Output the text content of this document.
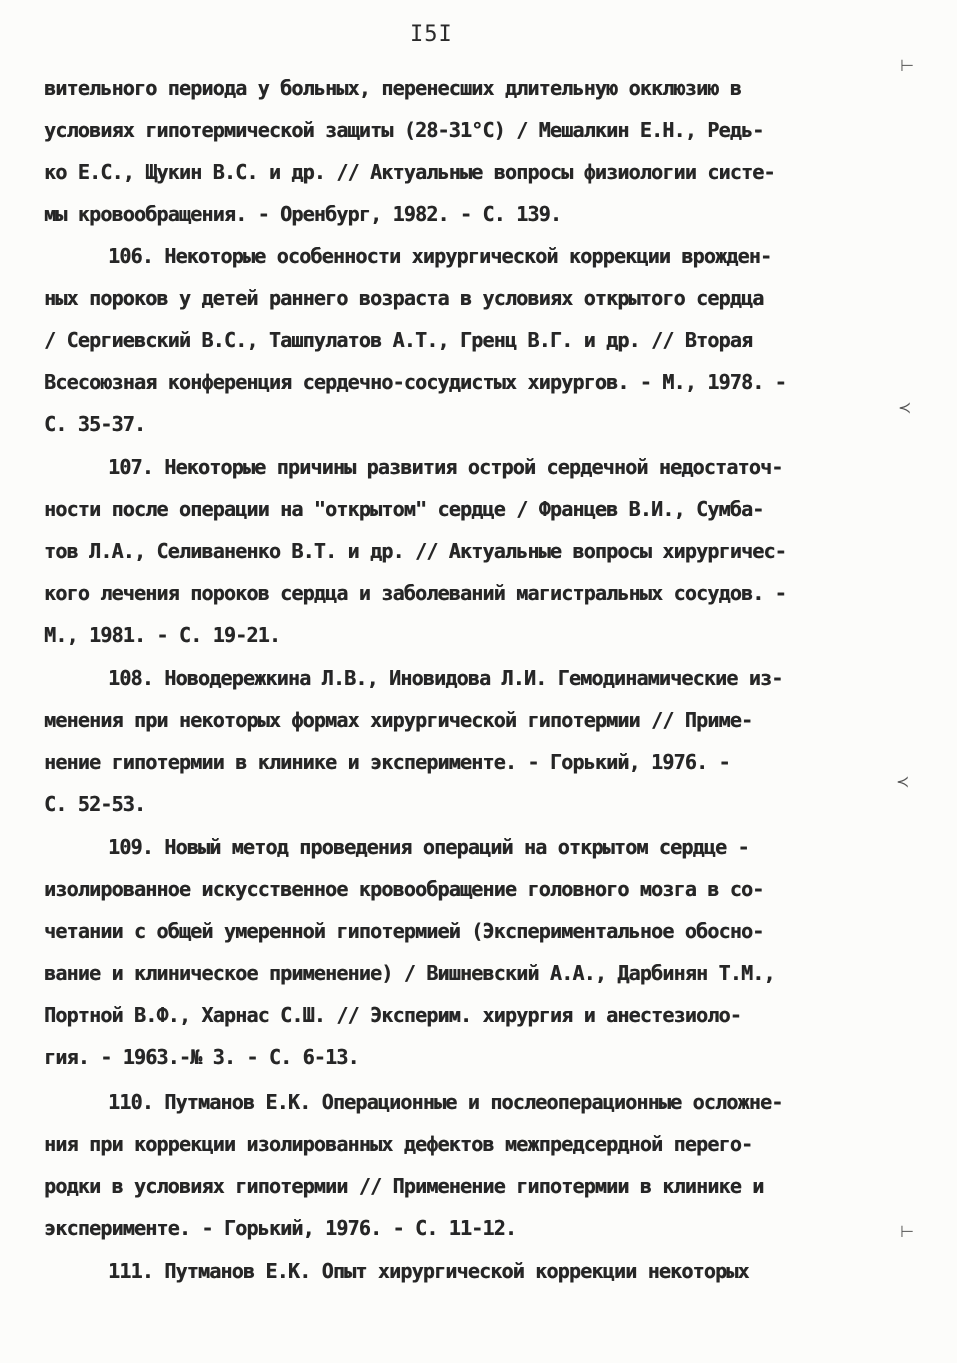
I5I
вительного периода у больных, перенесших длительную окклюзию в
условиях гипотермической защиты (28-31°C) / Мешалкин Е.Н., Редь-
ко Е.С., Щукин В.С. и др. // Актуальные вопросы физиологии систе-
мы кровообращения. - Оренбург, 1982. - С. 139.
106. Некоторые особенности хирургической коррекции врожден-
ных пороков у детей раннего возраста в условиях открытого сердца
/ Сергиевский В.С., Ташпулатов А.Т., Гренц В.Г. и др. // Вторая
Всесоюзная конференция сердечно-сосудистых хирургов. - М., 1978. -
С. 35-37.
107. Некоторые причины развития острой сердечной недостаточ-
ности после операции на "открытом" сердце / Францев В.И., Сумба-
тов Л.А., Селиваненко В.Т. и др. // Актуальные вопросы хирургичес-
кого лечения пороков сердца и заболеваний магистральных сосудов. -
М., 1981. - С. 19-21.
108. Новодережкина Л.В., Иновидова Л.И. Гемодинамические из-
менения при некоторых формах хирургической гипотермии // Приме-
нение гипотермии в клинике и эксперименте. - Горький, 1976. -
С. 52-53.
109. Новый метод проведения операций на открытом сердце -
изолированное искусственное кровообращение головного мозга в со-
четании с общей умеренной гипотермией (Экспериментальное обосно-
вание и клиническое применение) / Вишневский А.А., Дарбинян Т.М.,
Портной В.Ф., Харнас С.Ш. // Эксперим. хирургия и анестезиоло-
гия. - 1963.-№ 3. - С. 6-13.
110. Путманов Е.К. Операционные и послеоперационные осложне-
ния при коррекции изолированных дефектов межпредсердной перего-
родки в условиях гипотермии // Применение гипотермии в клинике и
эксперименте. - Горький, 1976. - С. 11-12.
111. Путманов Е.К. Опыт хирургической коррекции некоторых
⊢
≺
≺
⊢
